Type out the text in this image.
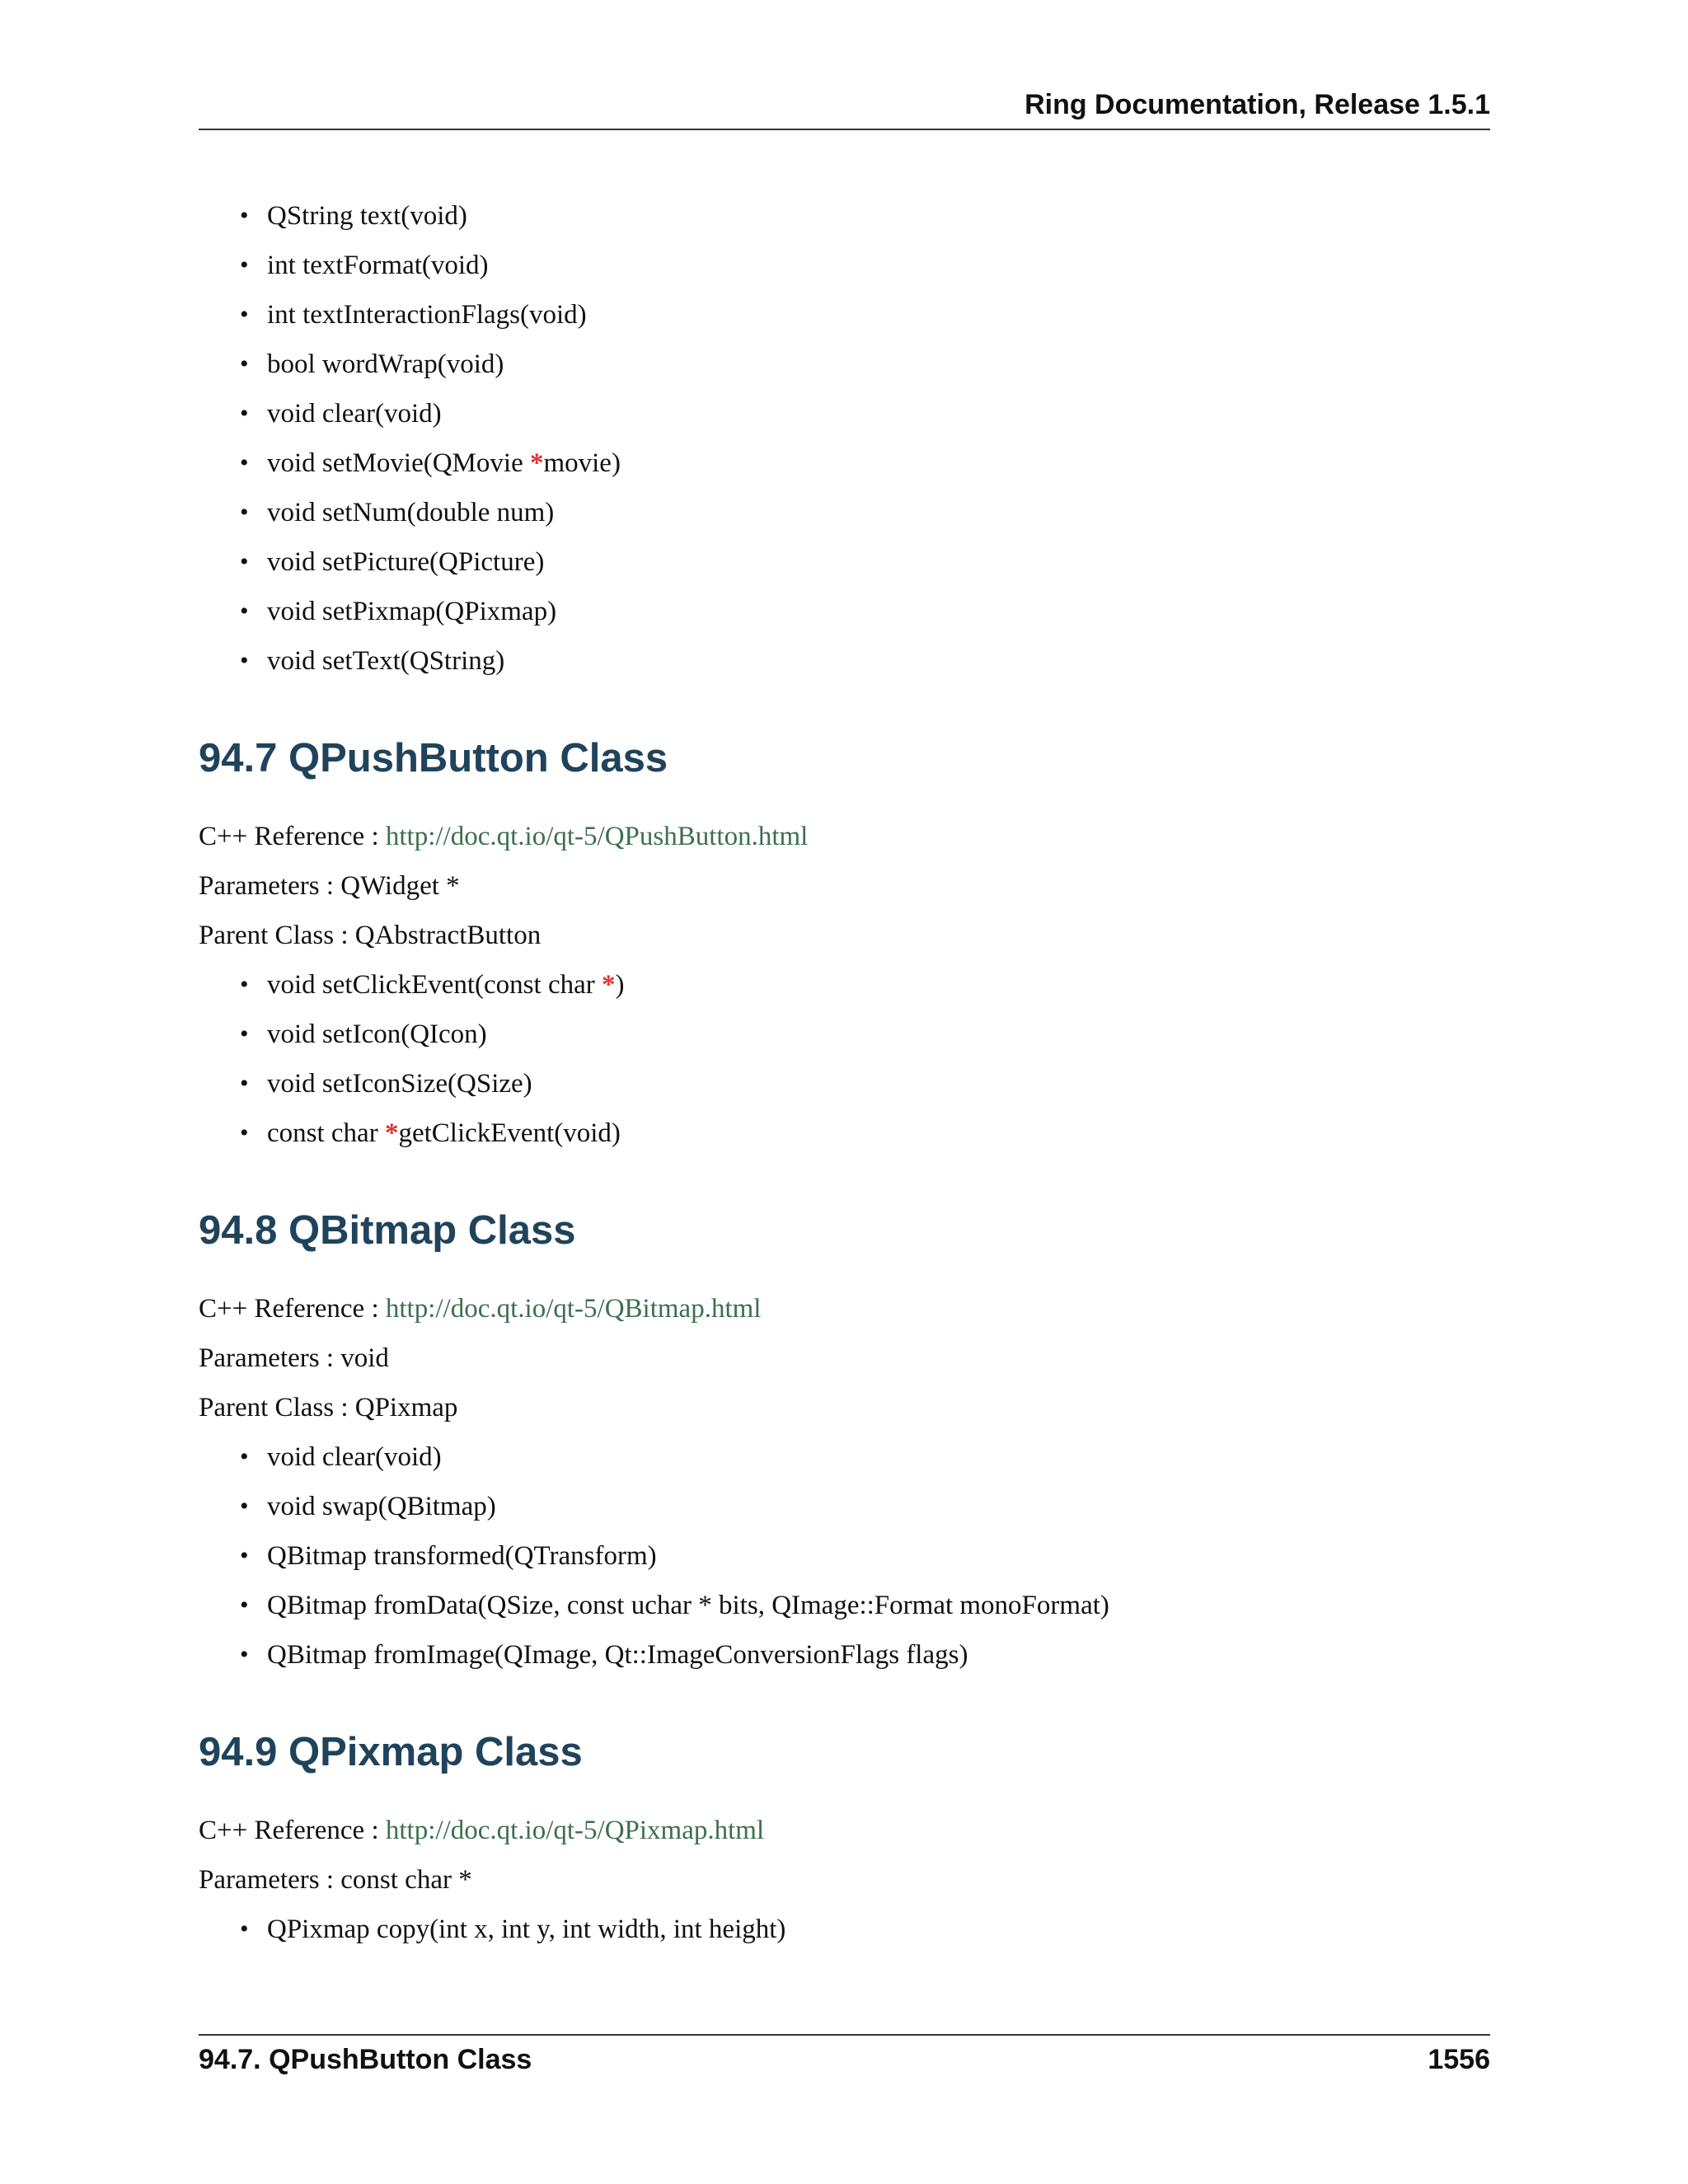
Ring Documentation, Release 1.5.1
• QString text(void)
• int textFormat(void)
• int textInteractionFlags(void)
• bool wordWrap(void)
• void clear(void)
• void setMovie(QMovie *movie)
• void setNum(double num)
• void setPicture(QPicture)
• void setPixmap(QPixmap)
• void setText(QString)
94.7 QPushButton Class

C++ Reference : http://doc.qt.io/qt-5/QPushButton.html

Parameters : QWidget *

Parent Class : QAbstractButton

• void setClickEvent(const char *)
• void setIcon(QIcon)
• void setIconSize(QSize)
• const char *getClickEvent(void)
94.8 QBitmap Class

C++ Reference : http://doc.qt.io/qt-5/QBitmap.html

Parameters : void

Parent Class : QPixmap

• void clear(void)
• void swap(QBitmap)
• QBitmap transformed(QTransform)
• QBitmap fromData(QSize, const uchar * bits, QImage::Format monoFormat)
• QBitmap fromImage(QImage, Qt::ImageConversionFlags flags)
94.9 QPixmap Class

C++ Reference : http://doc.qt.io/qt-5/QPixmap.html

Parameters : const char *

• QPixmap copy(int x, int y, int width, int height)
94.7. QPushButton Class	1556
